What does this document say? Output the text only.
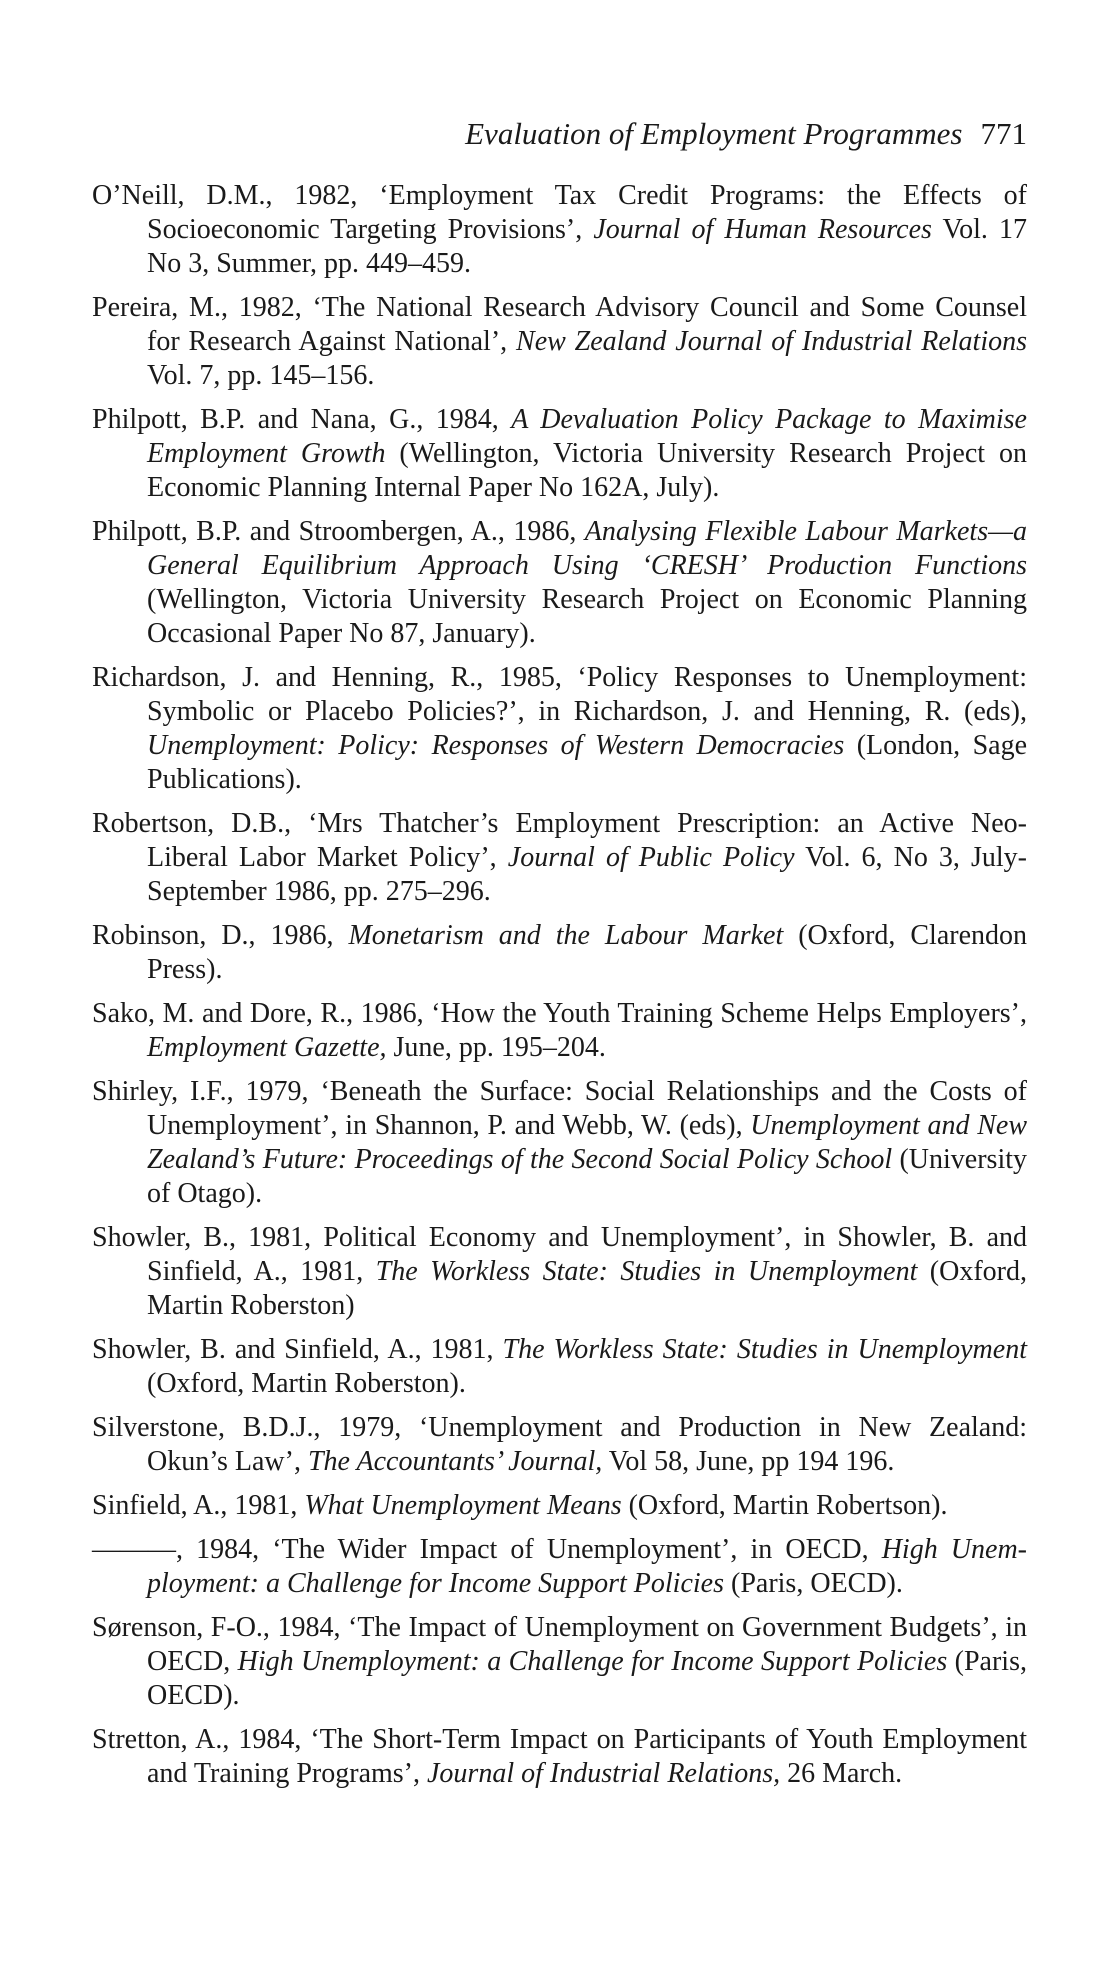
Evaluation of Employment Programmes 771

O’Neill, D.M., 1982, ‘Employment Tax Credit Programs: the Effects of Socioeconomic Targeting Provisions’, Journal of Human Resources Vol. 17 No 3, Summer, pp. 449–459.

Pereira, M., 1982, ‘The National Research Advisory Council and Some Counsel for Research Against National’, New Zealand Journal of Industrial Relations Vol. 7, pp. 145–156.

Philpott, B.P. and Nana, G., 1984, A Devaluation Policy Package to Maximise Employment Growth (Wellington, Victoria University Research Project on Economic Planning Internal Paper No 162A, July).

Philpott, B.P. and Stroombergen, A., 1986, Analysing Flexible Labour Markets—a General Equilibrium Approach Using ‘CRESH’ Production Functions (Wellington, Victoria University Research Project on Economic Planning Occasional Paper No 87, January).

Richardson, J. and Henning, R., 1985, ‘Policy Responses to Unemployment: Symbolic or Placebo Policies?’, in Richardson, J. and Henning, R. (eds), Unemployment: Policy: Responses of Western Democracies (London, Sage Publications).

Robertson, D.B., ‘Mrs Thatcher’s Employment Prescription: an Active Neo-Liberal Labor Market Policy’, Journal of Public Policy Vol. 6, No 3, July-September 1986, pp. 275–296.

Robinson, D., 1986, Monetarism and the Labour Market (Oxford, Clarendon Press).

Sako, M. and Dore, R., 1986, ‘How the Youth Training Scheme Helps Employers’, Employment Gazette, June, pp. 195–204.

Shirley, I.F., 1979, ‘Beneath the Surface: Social Relationships and the Costs of Unemployment’, in Shannon, P. and Webb, W. (eds), Unemployment and New Zealand’s Future: Proceedings of the Second Social Policy School (University of Otago).

Showler, B., 1981, Political Economy and Unemployment’, in Showler, B. and Sinfield, A., 1981, The Workless State: Studies in Unemployment (Oxford, Martin Roberston)

Showler, B. and Sinfield, A., 1981, The Workless State: Studies in Unemployment (Oxford, Martin Roberston).

Silverstone, B.D.J., 1979, ‘Unemployment and Production in New Zealand: Okun’s Law’, The Accountants’ Journal, Vol 58, June, pp 194 196.

Sinfield, A., 1981, What Unemployment Means (Oxford, Martin Robertson).

———, 1984, ‘The Wider Impact of Unemployment’, in OECD, High Unemployment: a Challenge for Income Support Policies (Paris, OECD).

Sørenson, F-O., 1984, ‘The Impact of Unemployment on Government Budgets’, in OECD, High Unemployment: a Challenge for Income Support Policies (Paris, OECD).

Stretton, A., 1984, ‘The Short-Term Impact on Participants of Youth Employment and Training Programs’, Journal of Industrial Relations, 26 March.
